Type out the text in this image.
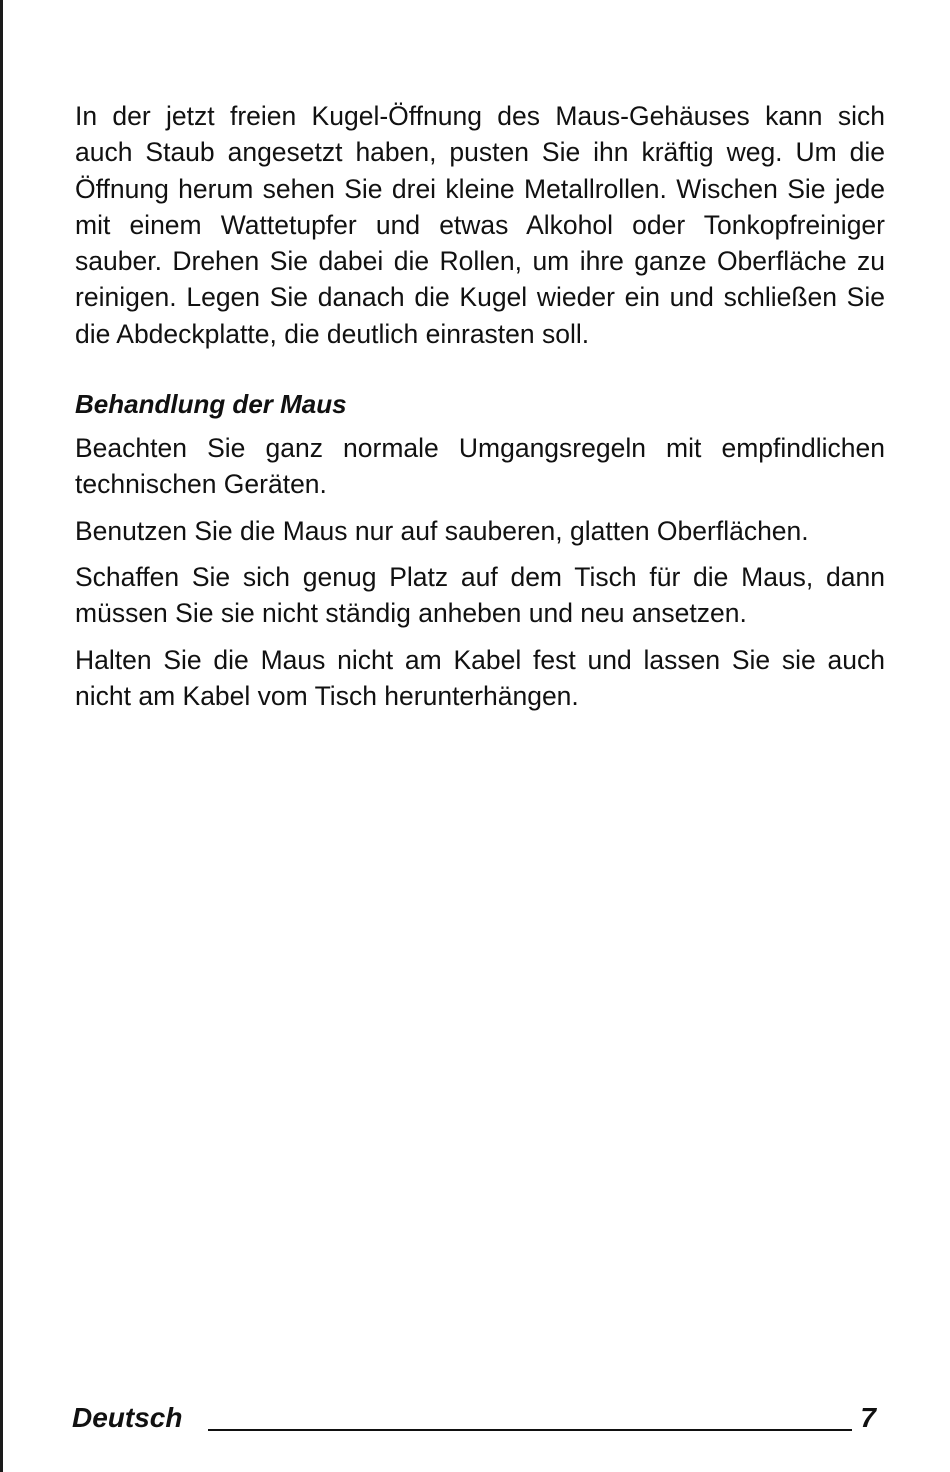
In der jetzt freien Kugel-Öffnung des Maus-Gehäuses kann sich auch Staub angesetzt haben, pusten Sie ihn kräftig weg. Um die Öffnung herum sehen Sie drei kleine Metallrollen. Wischen Sie jede mit einem Wattetupfer und etwas Alkohol oder Tonkopfreiniger sauber. Drehen Sie dabei die Rollen, um ihre ganze Oberfläche zu reinigen. Legen Sie danach die Kugel wieder ein und schließen Sie die Abdeckplatte, die deutlich einrasten soll.

Behandlung der Maus

Beachten Sie ganz normale Umgangsregeln mit empfindlichen technischen Geräten.

Benutzen Sie die Maus nur auf sauberen, glatten Oberflächen.

Schaffen Sie sich genug Platz auf dem Tisch für die Maus, dann müssen Sie sie nicht ständig anheben und neu ansetzen.

Halten Sie die Maus nicht am Kabel fest und lassen Sie sie auch nicht am Kabel vom Tisch herunterhängen.

Deutsch	7
